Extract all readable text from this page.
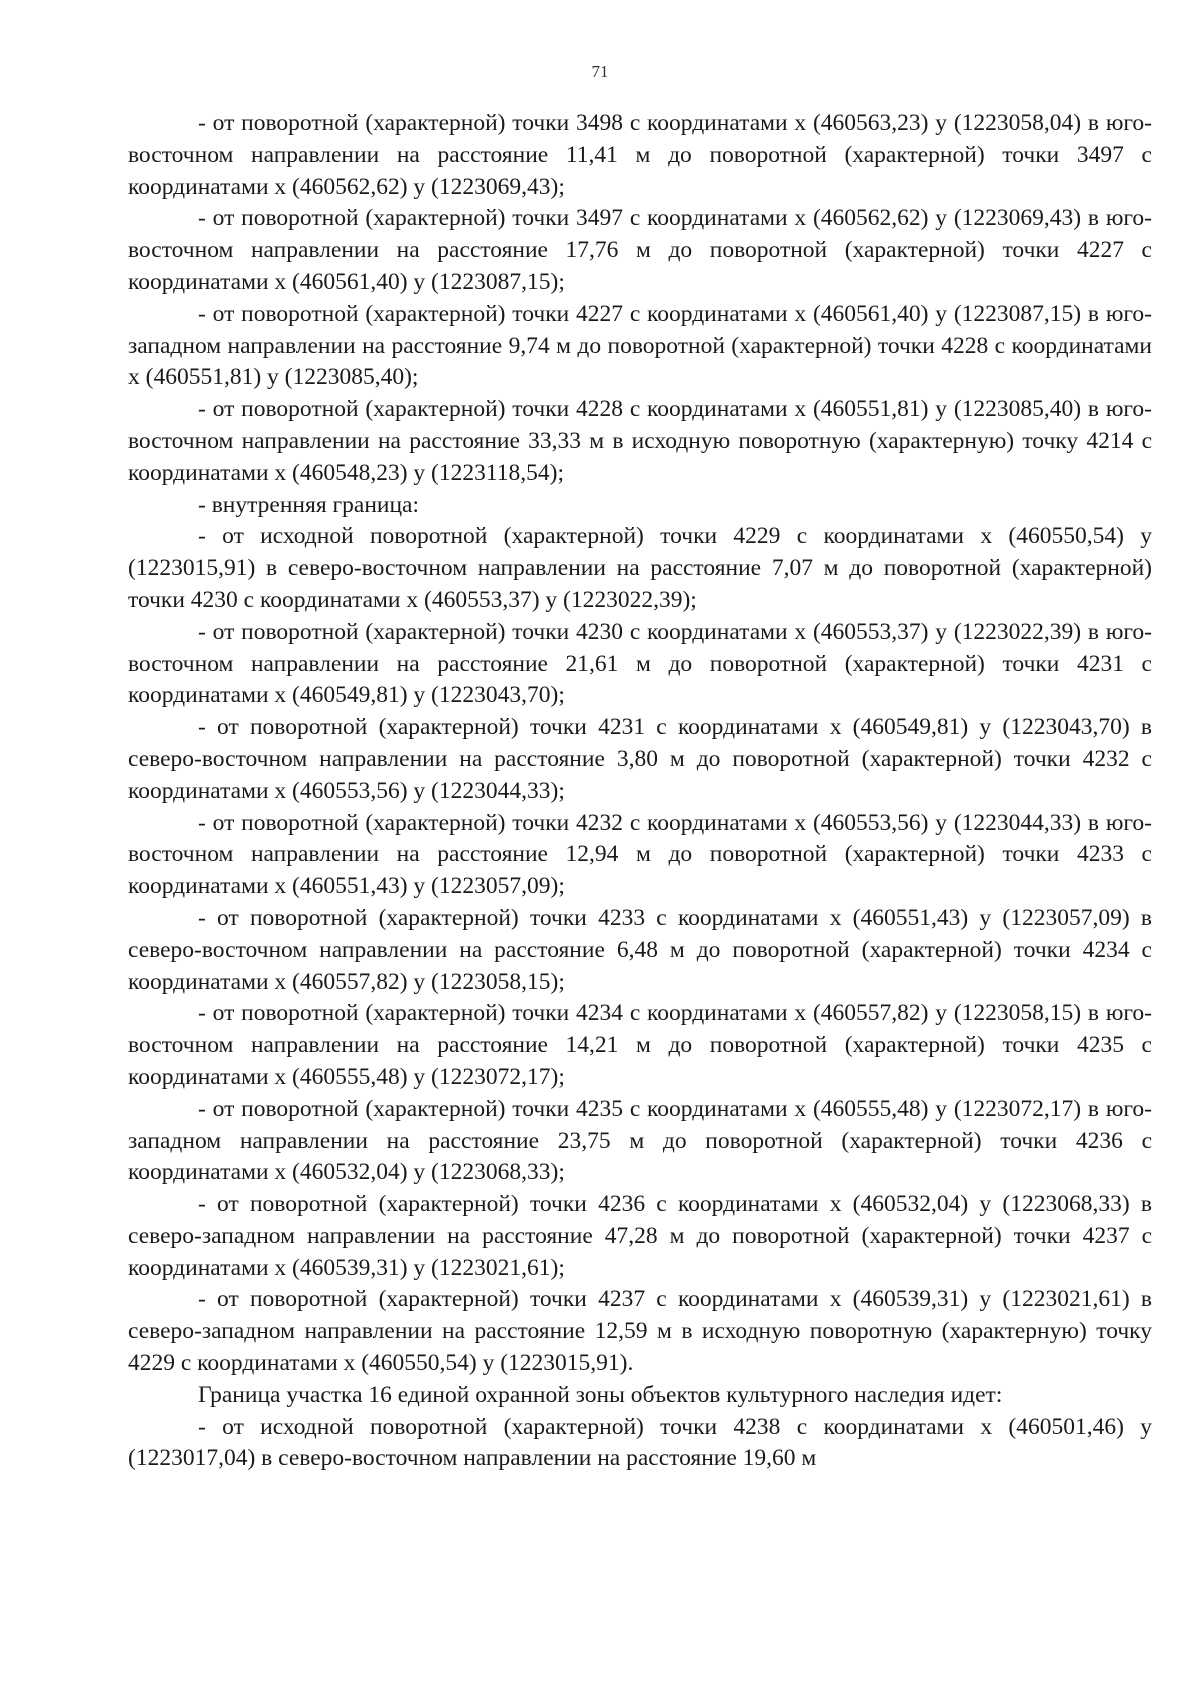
71

- от поворотной (характерной) точки 3498 с координатами х (460563,23) у (1223058,04) в юго-восточном направлении на расстояние 11,41 м до поворотной (характерной) точки 3497 с координатами х (460562,62) у (1223069,43);

- от поворотной (характерной) точки 3497 с координатами х (460562,62) у (1223069,43) в юго-восточном направлении на расстояние 17,76 м до поворотной (характерной) точки 4227 с координатами х (460561,40) у (1223087,15);

- от поворотной (характерной) точки 4227 с координатами х (460561,40) у (1223087,15) в юго-западном направлении на расстояние 9,74 м до поворотной (характерной) точки 4228 с координатами х (460551,81) у (1223085,40);

- от поворотной (характерной) точки 4228 с координатами х (460551,81) у (1223085,40) в юго-восточном направлении на расстояние 33,33 м в исходную поворотную (характерную) точку 4214 с координатами х (460548,23) у (1223118,54);

- внутренняя граница:

- от исходной поворотной (характерной) точки 4229 с координатами х (460550,54) у (1223015,91) в северо-восточном направлении на расстояние 7,07 м до поворотной (характерной) точки 4230 с координатами х (460553,37) у (1223022,39);

- от поворотной (характерной) точки 4230 с координатами х (460553,37) у (1223022,39) в юго-восточном направлении на расстояние 21,61 м до поворотной (характерной) точки 4231 с координатами х (460549,81) у (1223043,70);

- от поворотной (характерной) точки 4231 с координатами х (460549,81) у (1223043,70) в северо-восточном направлении на расстояние 3,80 м до поворотной (характерной) точки 4232 с координатами х (460553,56) у (1223044,33);

- от поворотной (характерной) точки 4232 с координатами х (460553,56) у (1223044,33) в юго-восточном направлении на расстояние 12,94 м до поворотной (характерной) точки 4233 с координатами х (460551,43) у (1223057,09);

- от поворотной (характерной) точки 4233 с координатами х (460551,43) у (1223057,09) в северо-восточном направлении на расстояние 6,48 м до поворотной (характерной) точки 4234 с координатами х (460557,82) у (1223058,15);

- от поворотной (характерной) точки 4234 с координатами х (460557,82) у (1223058,15) в юго-восточном направлении на расстояние 14,21 м до поворотной (характерной) точки 4235 с координатами х (460555,48) у (1223072,17);

- от поворотной (характерной) точки 4235 с координатами х (460555,48) у (1223072,17) в юго-западном направлении на расстояние 23,75 м до поворотной (характерной) точки 4236 с координатами х (460532,04) у (1223068,33);

- от поворотной (характерной) точки 4236 с координатами х (460532,04) у (1223068,33) в северо-западном направлении на расстояние 47,28 м до поворотной (характерной) точки 4237 с координатами х (460539,31) у (1223021,61);

- от поворотной (характерной) точки 4237 с координатами х (460539,31) у (1223021,61) в северо-западном направлении на расстояние 12,59 м в исходную поворотную (характерную) точку 4229 с координатами х (460550,54) у (1223015,91).

Граница участка 16 единой охранной зоны объектов культурного наследия идет:

- от исходной поворотной (характерной) точки 4238 с координатами х (460501,46) у (1223017,04) в северо-восточном направлении на расстояние 19,60 м
